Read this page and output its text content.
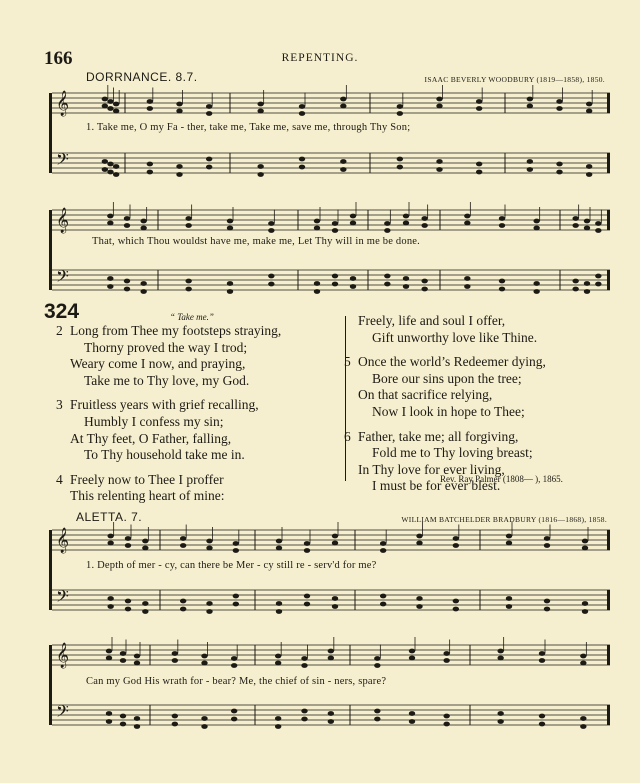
166	REPENTING.
DORRNANCE. 8.7.	ISAAC BEVERLY WOODBURY (1819—1858), 1850.
1. Take me, O my Fa - ther, take me, Take me, save me, through Thy Son;
That, which Thou wouldst have me, make me, Let Thy will in me be done.
324	“ Take me.”
2 Long from Thee my footsteps straying,
Thorny proved the way I trod;
Weary come I now, and praying,
Take me to Thy love, my God.
3 Fruitless years with grief recalling,
Humbly I confess my sin;
At Thy feet, O Father, falling,
To Thy household take me in.
4 Freely now to Thee I proffer
This relenting heart of mine:
Freely, life and soul I offer,
Gift unworthy love like Thine.
5 Once the world’s Redeemer dying,
Bore our sins upon the tree;
On that sacrifice relying,
Now I look in hope to Thee;
6 Father, take me; all forgiving,
Fold me to Thy loving breast;
In Thy love for ever living,
I must be for ever blest.
Rev. Ray Palmer (1808— ), 1865.
ALETTA. 7.	WILLIAM BATCHELDER BRADBURY (1816—1868), 1858.
1. Depth of mer - cy, can there be Mer - cy still re - serv'd for me?
Can my God His wrath for - bear? Me, the chief of sin - ners, spare?
𝄞
𝄢
𝄞
𝄢
𝄞
𝄢
𝄞
𝄢
